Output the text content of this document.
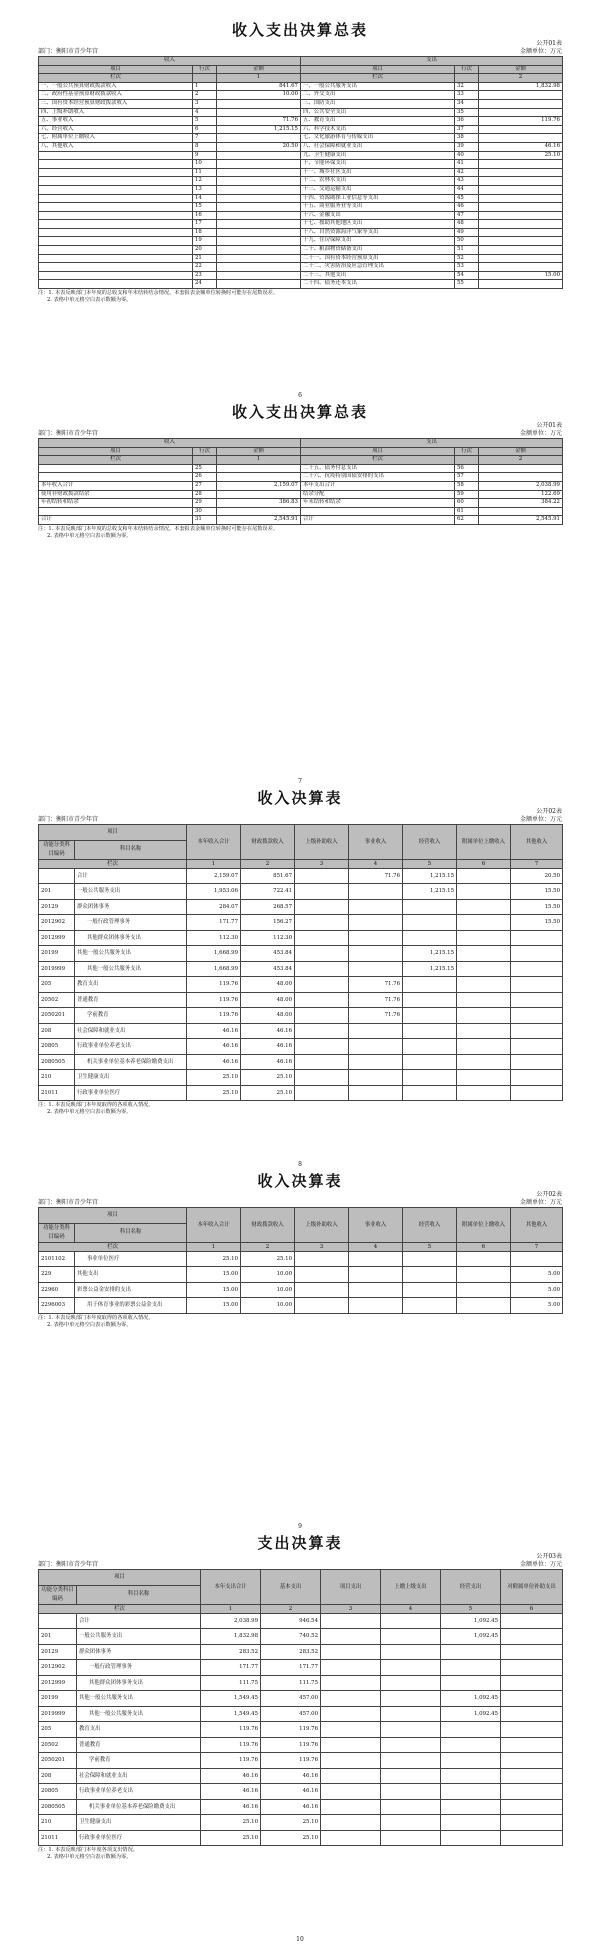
收入支出决算总表
公开01表
部门：衡阳市青少年宫	金额单位：万元
收入			支出		
项目	行次	金额	项目	行次	金额
栏次		1	栏次		2
一、一般公共预算财政拨款收入	1	841.67	一、一般公共服务支出	32	1,832.98
二、政府性基金预算财政拨款收入	2	10.00	二、外交支出	33	
三、国有资本经营预算财政拨款收入	3		三、国防支出	34	
四、上级补助收入	4		四、公共安全支出	35	
五、事业收入	5	71.76	五、教育支出	36	119.76
六、经营收入	6	1,215.15	六、科学技术支出	37	
七、附属单位上缴收入	7		七、文化旅游体育与传媒支出	38	
八、其他收入	8	20.50	八、社会保障和就业支出	39	46.16
	9		九、卫生健康支出	40	25.10
	10		十、节能环保支出	41	
	11		十一、城乡社区支出	42	
	12		十二、农林水支出	43	
	13		十三、交通运输支出	44	
	14		十四、资源勘探工业信息等支出	45	
	15		十五、商业服务业等支出	46	
	16		十六、金融支出	47	
	17		十七、援助其他地区支出	48	
	18		十八、自然资源海洋气象等支出	49	
	19		十九、住房保障支出	50	
	20		二十、粮油物资储备支出	51	
	21		二十一、国有资本经营预算支出	52	
	22		二十二、灾害防治及应急管理支出	53	
	23		二十三、其他支出	54	15.00
	24		二十四、债务还本支出	55	
注：1. 本表反映部门本年度的总收支和年末结转结余情况。本套报表金额单位转换时可能存在尾数误差。
2. 表格中单元格空白表示数额为零。
6
收入支出决算总表
公开01表
部门：衡阳市青少年宫	金额单位：万元
收入			支出		
项目	行次	金额	项目	行次	金额
栏次		1	栏次		2
	25		二十五、债务付息支出	56	
	26		二十六、抗疫特别国债安排的支出	57	
本年收入合计	27	2,159.07	本年支出合计	58	2,038.99
使用非财政拨款结余	28		结余分配	59	122.69
年初结转和结余	29	386.83	年末结转和结余	60	384.22
	30			61	
合计	31	2,545.91	合计	62	2,545.91
注：1. 本表反映部门本年度的总收支和年末结转结余情况。本套报表金额单位转换时可能存在尾数误差。
2. 表格中单元格空白表示数额为零。
7
收入决算表
公开02表
部门：衡阳市青少年宫	金额单位：万元
项目		本年收入合计	财政拨款收入	上级补助收入	事业收入	经营收入	附属单位上缴收入	其他收入
功能分类科目编码	科目名称							
栏次		1	2	3	4	5	6	7
	合计	2,159.07	851.67		71.76	1,215.15		20.50
201	一般公共服务支出	1,953.06	722.41			1,215.15		15.50
20129	群众团体事务	284.07	268.57					15.50
2012902	一般行政管理事务	171.77	156.27					15.50
2012999	其他群众团体事务支出	112.30	112.30					
20199	其他一般公共服务支出	1,668.99	453.84			1,215.15		
2019999	其他一般公共服务支出	1,668.99	453.84			1,215.15		
205	教育支出	119.76	48.00		71.76			
20502	普通教育	119.76	48.00		71.76			
2050201	学前教育	119.76	48.00		71.76			
208	社会保障和就业支出	46.16	46.16					
20805	行政事业单位养老支出	46.16	46.16					
2080505	机关事业单位基本养老保险缴费支出	46.16	46.16					
210	卫生健康支出	25.10	25.10					
21011	行政事业单位医疗	25.10	25.10					
注：1. 本表反映部门本年度取得的各项收入情况。
2. 表格中单元格空白表示数额为零。
8
收入决算表
公开02表
部门：衡阳市青少年宫	金额单位：万元
项目		本年收入合计	财政拨款收入	上级补助收入	事业收入	经营收入	附属单位上缴收入	其他收入
功能分类科目编码	科目名称							
栏次		1	2	3	4	5	6	7
2101102	事业单位医疗	25.10	25.10					
229	其他支出	15.00	10.00					5.00
22960	彩票公益金安排的支出	15.00	10.00					5.00
2296003	用于体育事业的彩票公益金支出	15.00	10.00					5.00
注：1. 本表反映部门本年度取得的各项收入情况。
2. 表格中单元格空白表示数额为零。
9
支出决算表
公开03表
部门：衡阳市青少年宫	金额单位：万元
项目		本年支出合计	基本支出	项目支出	上缴上级支出	经营支出	对附属单位补助支出
功能分类科目编码	科目名称						
栏次		1	2	3	4	5	6
	合计	2,038.99	946.54			1,092.45	
201	一般公共服务支出	1,832.98	740.52			1,092.45	
20129	群众团体事务	283.52	283.52				
2012902	一般行政管理事务	171.77	171.77				
2012999	其他群众团体事务支出	111.75	111.75				
20199	其他一般公共服务支出	1,549.45	457.00			1,092.45	
2019999	其他一般公共服务支出	1,549.45	457.00			1,092.45	
205	教育支出	119.76	119.76				
20502	普通教育	119.76	119.76				
2050201	学前教育	119.76	119.76				
208	社会保障和就业支出	46.16	46.16				
20805	行政事业单位养老支出	46.16	46.16				
2080505	机关事业单位基本养老保险缴费支出	46.16	46.16				
210	卫生健康支出	25.10	25.10				
21011	行政事业单位医疗	25.10	25.10				
注：1. 本表反映部门本年度各项支出情况。
2. 表格中单元格空白表示数额为零。
10
